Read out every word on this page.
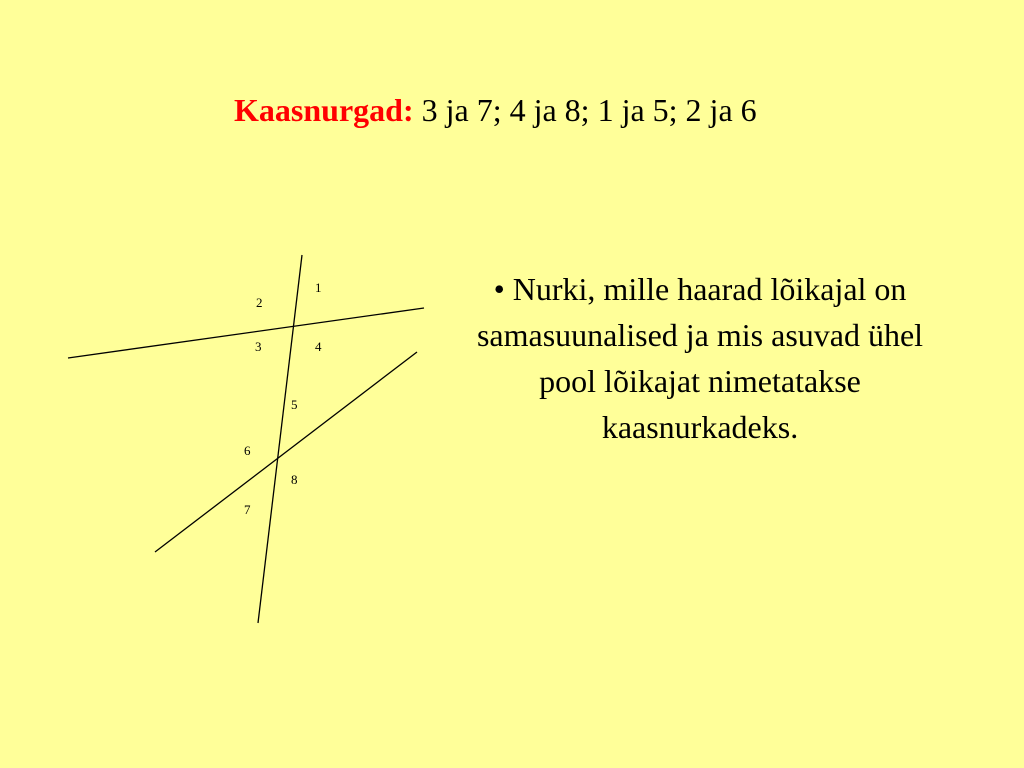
Kaasnurgad: 3 ja 7; 4 ja 8; 1 ja 5; 2 ja 6
1
2
3	4
5
6
7
8
• Nurki, mille haarad lõikajal on samasuunalised ja mis asuvad ühel pool lõikajat nimetatakse kaasnurkadeks.
